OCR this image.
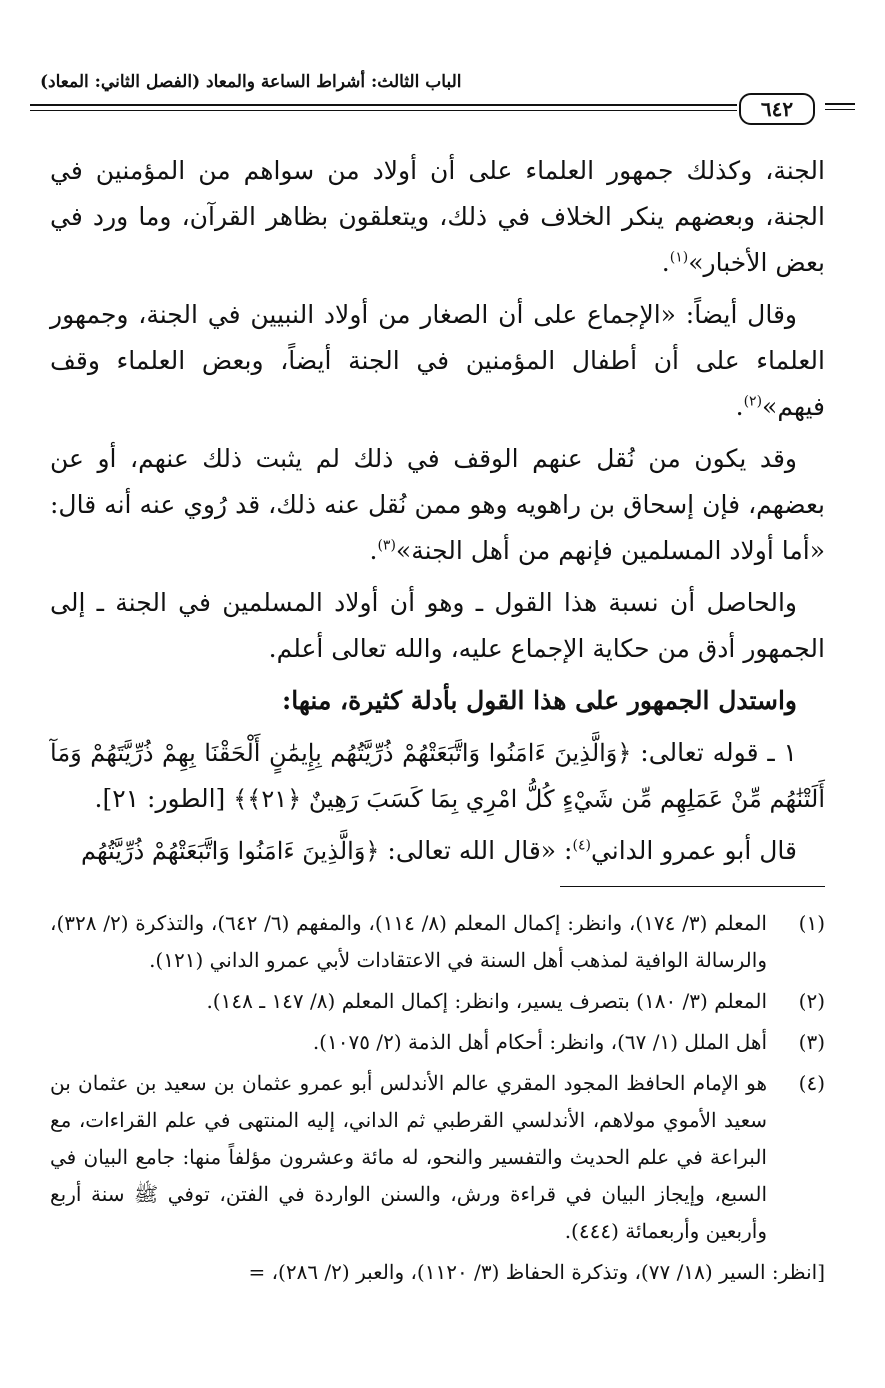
الباب الثالث: أشراط الساعة والمعاد (الفصل الثاني: المعاد)
٦٤٢

الجنة، وكذلك جمهور العلماء على أن أولاد من سواهم من المؤمنين في الجنة، وبعضهم ينكر الخلاف في ذلك، ويتعلقون بظاهر القرآن، وما ورد في بعض الأخبار»$^{(١)}$.

وقال أيضاً: «الإجماع على أن الصغار من أولاد النبيين في الجنة، وجمهور العلماء على أن أطفال المؤمنين في الجنة أيضاً، وبعض العلماء وقف فيهم»$^{(٢)}$.

وقد يكون من نُقل عنهم الوقف في ذلك لم يثبت ذلك عنهم، أو عن بعضهم، فإن إسحاق بن راهويه وهو ممن نُقل عنه ذلك، قد رُوي عنه أنه قال: «أما أولاد المسلمين فإنهم من أهل الجنة»$^{(٣)}$.

والحاصل أن نسبة هذا القول ـ وهو أن أولاد المسلمين في الجنة ـ إلى الجمهور أدق من حكاية الإجماع عليه، والله تعالى أعلم.

واستدل الجمهور على هذا القول بأدلة كثيرة، منها:

١ ـ قوله تعالى: ﴿وَالَّذِينَ ءَامَنُوا وَاتَّبَعَتْهُمْ ذُرِّيَّتُهُم بِإِيمَٰنٍ أَلْحَقْنَا بِهِمْ ذُرِّيَّتَهُمْ وَمَآ أَلَتْنَٰهُم مِّنْ عَمَلِهِم مِّن شَيْءٍ كُلُّ امْرِي بِمَا كَسَبَ رَهِينٌ ﴿٢١﴾﴾ [الطور: ٢١].

قال أبو عمرو الداني$^{(٤)}$: «قال الله تعالى: ﴿وَالَّذِينَ ءَامَنُوا وَاتَّبَعَتْهُمْ ذُرِّيَّتُهُم

(١)
المعلم (٣/ ١٧٤)، وانظر: إكمال المعلم (٨/ ١١٤)، والمفهم (٦/ ٦٤٢)، والتذكرة (٢/ ٣٢٨)، والرسالة الوافية لمذهب أهل السنة في الاعتقادات لأبي عمرو الداني (١٢١).
(٢)
المعلم (٣/ ١٨٠) بتصرف يسير، وانظر: إكمال المعلم (٨/ ١٤٧ ـ ١٤٨).
(٣)
أهل الملل (١/ ٦٧)، وانظر: أحكام أهل الذمة (٢/ ١٠٧٥).
(٤)
هو الإمام الحافظ المجود المقري عالم الأندلس أبو عمرو عثمان بن سعيد بن عثمان بن سعيد الأموي مولاهم، الأندلسي القرطبي ثم الداني، إليه المنتهى في علم القراءات، مع البراعة في علم الحديث والتفسير والنحو، له مائة وعشرون مؤلفاً منها: جامع البيان في السبع، وإيجاز البيان في قراءة ورش، والسنن الواردة في الفتن، توفي ﷺ سنة أربع وأربعين وأربعمائة (٤٤٤).

[انظر: السير (١٨/ ٧٧)، وتذكرة الحفاظ (٣/ ١١٢٠)، والعبر (٢/ ٢٨٦)، =
